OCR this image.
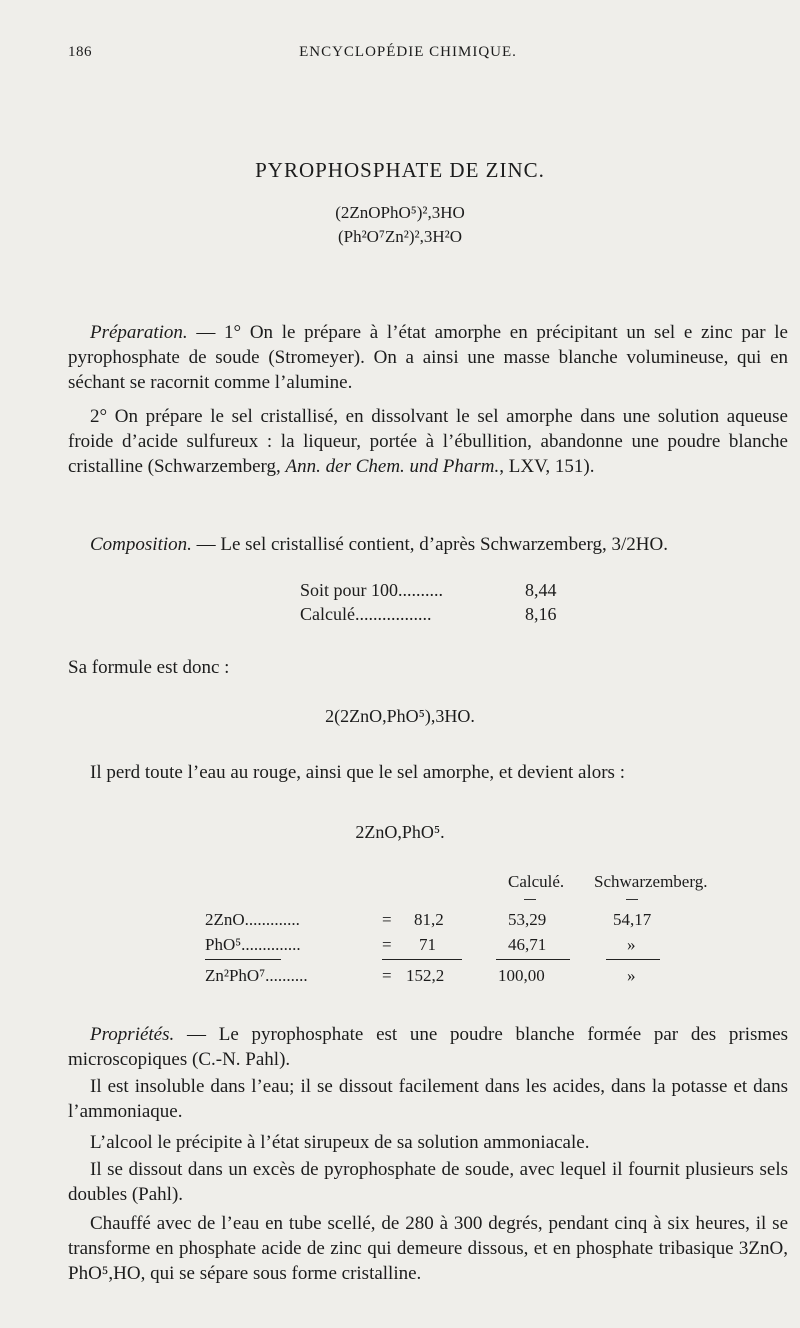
186	ENCYCLOPÉDIE CHIMIQUE.
PYROPHOSPHATE DE ZINC.
(2ZnOPhO⁵)²,3HO
(Ph²O⁷Zn²)²,3H²O
Préparation. — 1° On le prépare à l’état amorphe en précipitant un sel e zinc par le pyrophosphate de soude (Stromeyer). On a ainsi une masse blanche volumineuse, qui en séchant se racornit comme l’alumine.
2° On prépare le sel cristallisé, en dissolvant le sel amorphe dans une solution aqueuse froide d’acide sulfureux : la liqueur, portée à l’ébullition, abandonne une poudre blanche cristalline (Schwarzemberg, Ann. der Chem. und Pharm., LXV, 151).
Composition. — Le sel cristallisé contient, d’après Schwarzemberg, 3/2HO.
Soit pour 100..........	8,44
Calculé.................	8,16
Sa formule est donc :
2(2ZnO,PhO⁵),3HO.
Il perd toute l’eau au rouge, ainsi que le sel amorphe, et devient alors :
2ZnO,PhO⁵.
Calculé. Schwarzemberg.
2ZnO.............	= 81,2	53,29	54,17
PhO⁵..............	= 71	46,71	»
Zn²PhO⁷..........	= 152,2	100,00	»
Propriétés. — Le pyrophosphate est une poudre blanche formée par des prismes microscopiques (C.-N. Pahl).
Il est insoluble dans l’eau; il se dissout facilement dans les acides, dans la potasse et dans l’ammoniaque.
L’alcool le précipite à l’état sirupeux de sa solution ammoniacale.
Il se dissout dans un excès de pyrophosphate de soude, avec lequel il fournit plusieurs sels doubles (Pahl).
Chauffé avec de l’eau en tube scellé, de 280 à 300 degrés, pendant cinq à six heures, il se transforme en phosphate acide de zinc qui demeure dissous, et en phosphate tribasique 3ZnO, PhO⁵,HO, qui se sépare sous forme cristalline.
